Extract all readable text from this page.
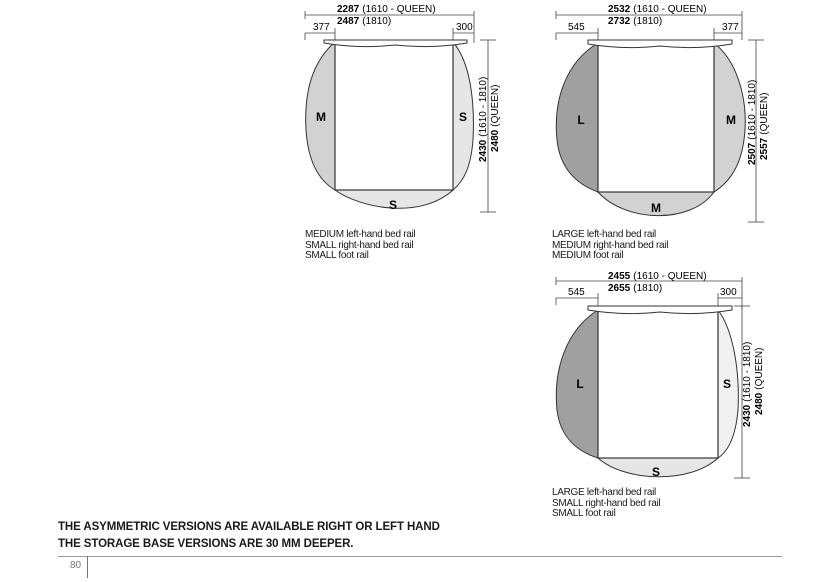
M	S
S
2287 (1610 - QUEEN)
2487 (1810)
377	300
2430(1610 - 1810)
2480(QUEEN)	L	M
M
2532 (1610 - QUEEN)
2732 (1810)
545	377
2507(1610 - 1810)
2557(QUEEN)
L	S
S
2455 (1610 - QUEEN)
2655 (1810)
545	300
2430(1610 - 1810)
2480(QUEEN)
MEDIUM left-hand bed rail
SMALL right-hand bed rail
SMALL foot rail
LARGE left-hand bed rail
MEDIUM right-hand bed rail
MEDIUM foot rail
LARGE left-hand bed rail
SMALL right-hand bed rail
SMALL foot rail
THE ASYMMETRIC VERSIONS ARE AVAILABLE RIGHT OR LEFT HAND
THE STORAGE BASE VERSIONS ARE 30 MM DEEPER.
80
